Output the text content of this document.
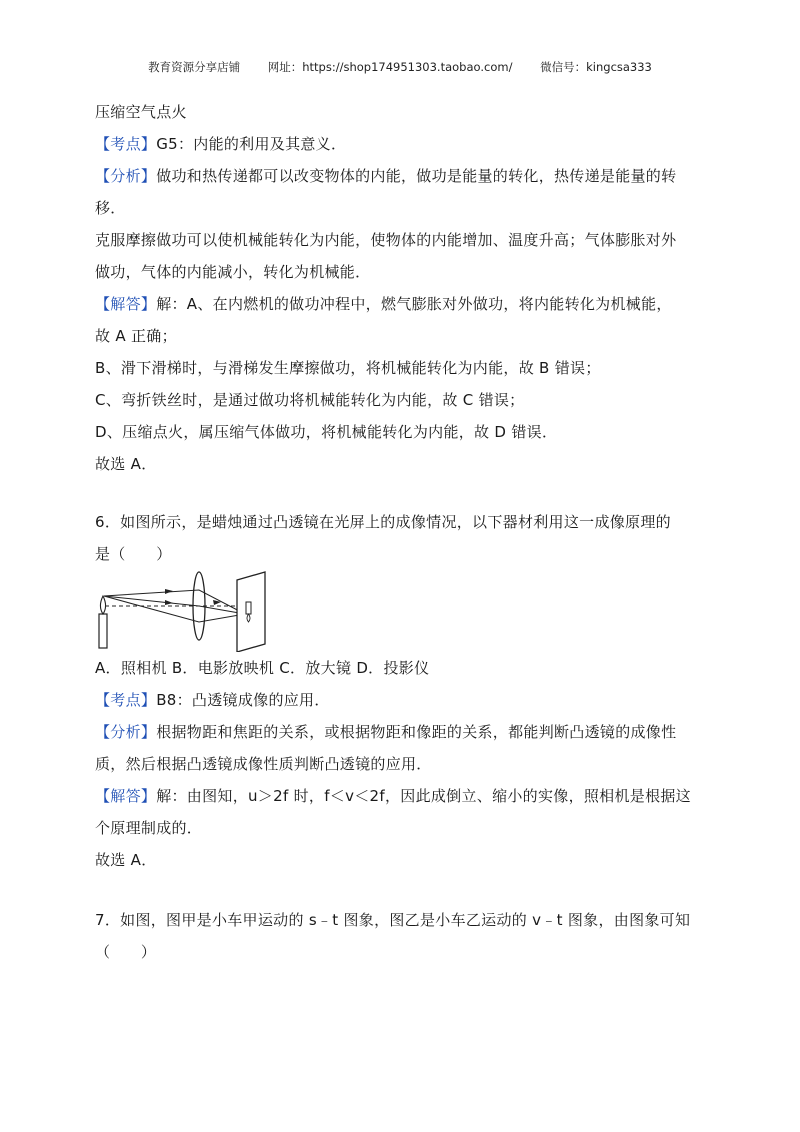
教育资源分享店铺 网址：https://shop174951303.taobao.com/ 微信号：kingcsa333
压缩空气点火
【考点】G5：内能的利用及其意义．
【分析】做功和热传递都可以改变物体的内能，做功是能量的转化，热传递是能量的转
移．
克服摩擦做功可以使机械能转化为内能，使物体的内能增加、温度升高；气体膨胀对外
做功，气体的内能减小，转化为机械能．
【解答】解：A、在内燃机的做功冲程中，燃气膨胀对外做功，将内能转化为机械能，
故 A 正确；
B、滑下滑梯时，与滑梯发生摩擦做功，将机械能转化为内能，故 B 错误；
C、弯折铁丝时，是通过做功将机械能转化为内能，故 C 错误；
D、压缩点火，属压缩气体做功，将机械能转化为内能，故 D 错误．
故选 A．
6．如图所示，是蜡烛通过凸透镜在光屏上的成像情况，以下器材利用这一成像原理的
是（　　）
A．照相机 B．电影放映机 C．放大镜 D．投影仪
【考点】B8：凸透镜成像的应用．
【分析】根据物距和焦距的关系，或根据物距和像距的关系，都能判断凸透镜的成像性
质，然后根据凸透镜成像性质判断凸透镜的应用．
【解答】解：由图知，u＞2f 时，f＜v＜2f，因此成倒立、缩小的实像，照相机是根据这
个原理制成的．
故选 A．
7．如图，图甲是小车甲运动的 s﹣t 图象，图乙是小车乙运动的 v﹣t 图象，由图象可知
（　　）
